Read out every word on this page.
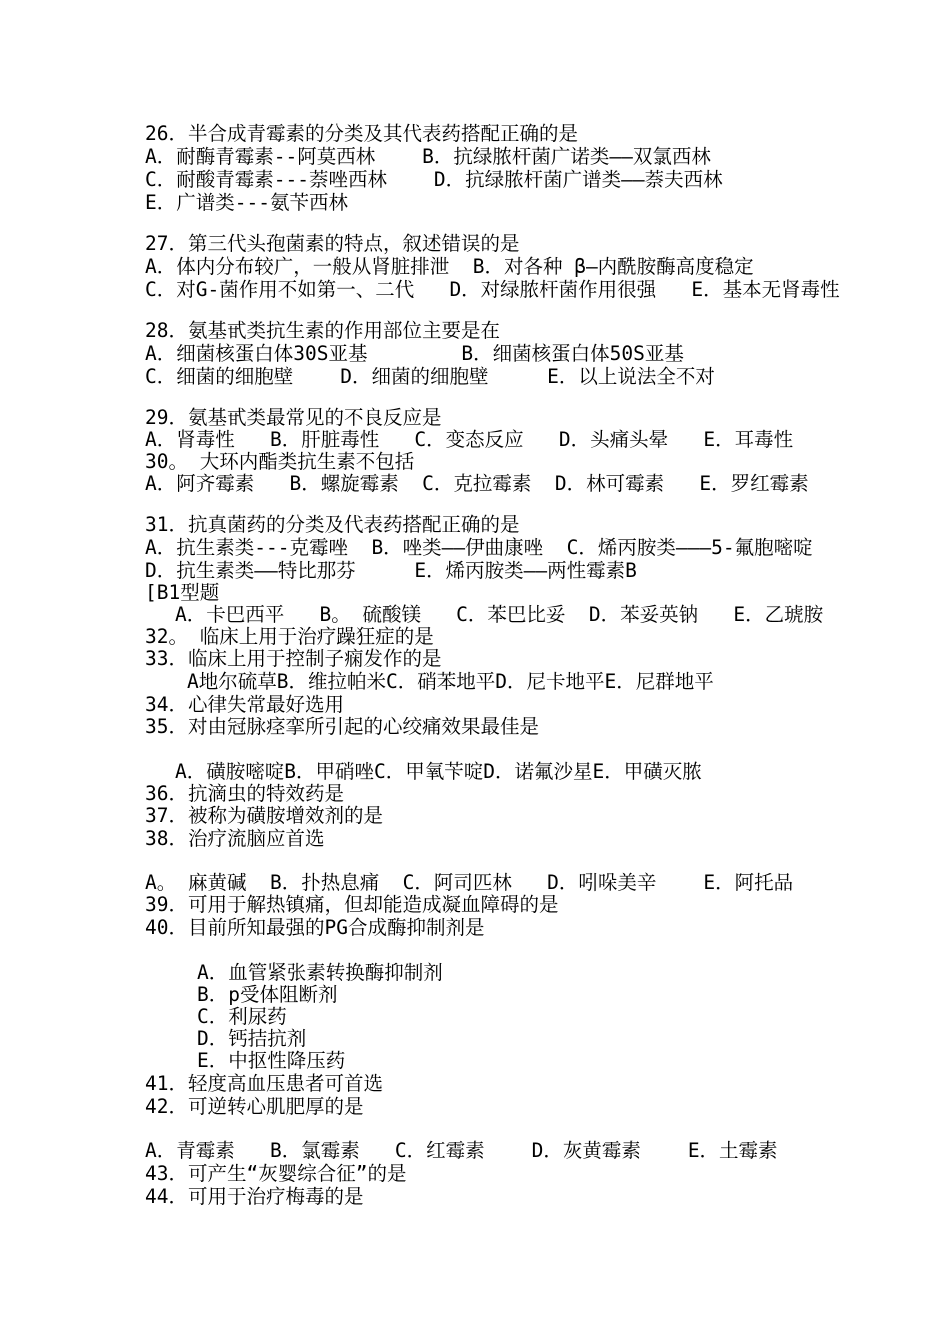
26．半合成青霉素的分类及其代表药搭配正确的是
A．耐酶青霉素--阿莫西林    B．抗绿脓杆菌广诺类——双氯西林
C．耐酸青霉素---萘唑西林    D．抗绿脓杆菌广谱类——萘夫西林
E．广谱类---氨苄西林
27．第三代头孢菌素的特点，叙述错误的是
A．体内分布较广，一般从肾脏排泄  B．对各种 β—内酰胺酶高度稳定
C．对G-菌作用不如第一、二代   D．对绿脓杆菌作用很强   E．基本无肾毒性
28．氨基甙类抗生素的作用部位主要是在
A．细菌核蛋白体30S亚基        B．细菌核蛋白体50S亚基
C．细菌的细胞壁    D．细菌的细胞壁     E．以上说法全不对
29．氨基甙类最常见的不良反应是
A．肾毒性   B．肝脏毒性   C．变态反应   D．头痛头晕   E．耳毒性
30。 大环内酯类抗生素不包括
A．阿齐霉素   B．螺旋霉素  C．克拉霉素  D．林可霉素   E．罗红霉素
31．抗真菌药的分类及代表药搭配正确的是
A．抗生素类---克霉唑  B．唑类——伊曲康唑  C．烯丙胺类———5-氟胞嘧啶
D．抗生素类——特比那芬     E．烯丙胺类——两性霉素B
[B1型题
A．卡巴西平   B。 硫酸镁   C．苯巴比妥  D．苯妥英钠   E．乙琥胺
32。 临床上用于治疗躁狂症的是
33．临床上用于控制子痫发作的是
A地尔硫草B．维拉帕米C．硝苯地平D．尼卡地平E．尼群地平
34．心律失常最好选用
35．对由冠脉痉挛所引起的心绞痛效果最佳是
A．磺胺嘧啶B．甲硝唑C．甲氧苄啶D．诺氟沙星E．甲磺灭脓
36．抗滴虫的特效药是
37．被称为磺胺增效剂的是
38．治疗流脑应首选
A。 麻黄碱  B．扑热息痛  C．阿司匹林   D．吲哚美辛    E．阿托品
39．可用于解热镇痛，但却能造成凝血障碍的是
40．目前所知最强的PG合成酶抑制剂是
A．血管紧张素转换酶抑制剂
B．p受体阻断剂
C．利尿药
D．钙拮抗剂
E．中抠性降压药
41．轻度高血压患者可首选
42．可逆转心肌肥厚的是
A．青霉素   B．氯霉素   C．红霉素    D．灰黄霉素    E．土霉素
43．可产生“灰婴综合征”的是
44．可用于治疗梅毒的是
